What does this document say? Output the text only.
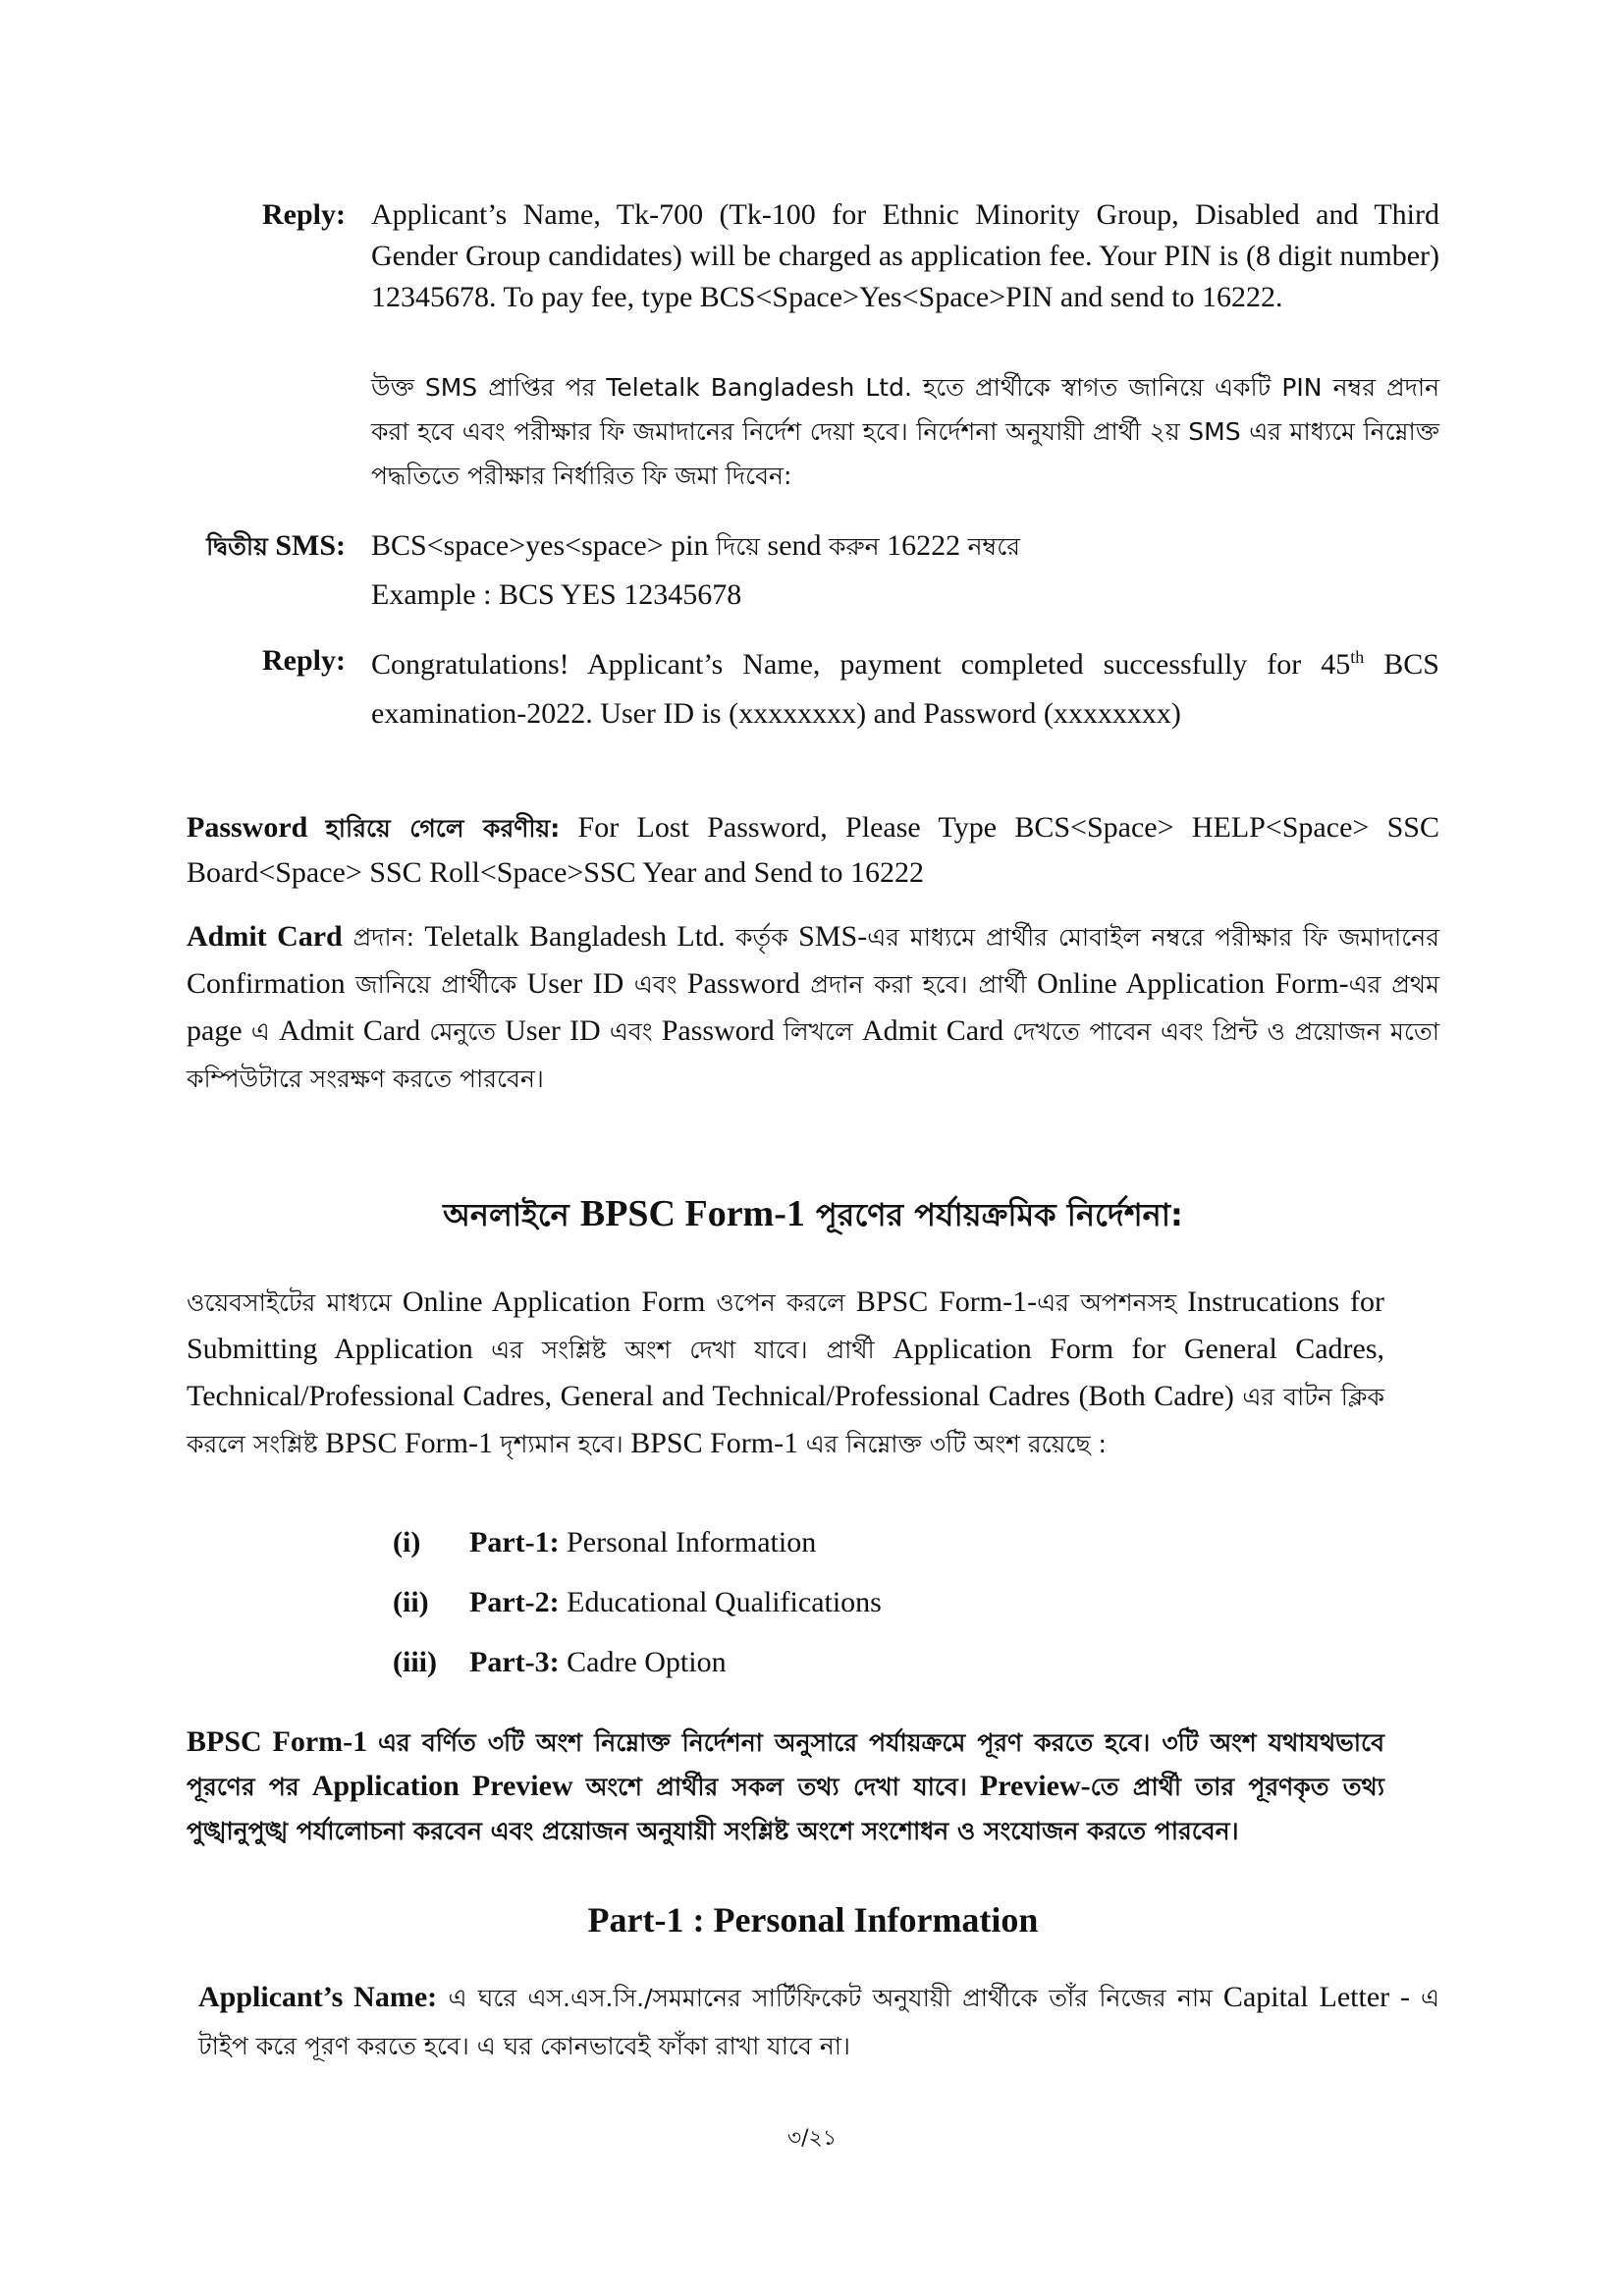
Reply: Applicant’s Name, Tk-700 (Tk-100 for Ethnic Minority Group, Disabled and Third Gender Group candidates) will be charged as application fee. Your PIN is (8 digit number) 12345678. To pay fee, type BCS<Space>Yes<Space>PIN and send to 16222.
উক্ত SMS প্রাপ্তির পর Teletalk Bangladesh Ltd. হতে প্রার্থীকে স্বাগত জানিয়ে একটি PIN নম্বর প্রদান করা হবে এবং পরীক্ষার ফি জমাদানের নির্দেশ দেয়া হবে। নির্দেশনা অনুযায়ী প্রার্থী ২য় SMS এর মাধ্যমে নিম্নোক্ত পদ্ধতিতে পরীক্ষার নির্ধারিত ফি জমা দিবেন:
দ্বিতীয় SMS: BCS<space>yes<space> pin দিয়ে send করুন 16222 নম্বরে
Example : BCS YES 12345678
Reply: Congratulations! Applicant’s Name, payment completed successfully for 45th BCS examination-2022. User ID is (xxxxxxxx) and Password (xxxxxxxx)
Password হারিয়ে গেলে করণীয়: For Lost Password, Please Type BCS<Space> HELP<Space> SSC Board<Space> SSC Roll<Space>SSC Year and Send to 16222
Admit Card প্রদান: Teletalk Bangladesh Ltd. কর্তৃক SMS-এর মাধ্যমে প্রার্থীর মোবাইল নম্বরে পরীক্ষার ফি জমাদানের Confirmation জানিয়ে প্রার্থীকে User ID এবং Password প্রদান করা হবে। প্রার্থী Online Application Form-এর প্রথম page এ Admit Card মেনুতে User ID এবং Password লিখলে Admit Card দেখতে পাবেন এবং প্রিন্ট ও প্রয়োজন মতো কম্পিউটারে সংরক্ষণ করতে পারবেন।
অনলাইনে BPSC Form-1 পূরণের পর্যায়ক্রমিক নির্দেশনা:
ওয়েবসাইটের মাধ্যমে Online Application Form ওপেন করলে BPSC Form-1-এর অপশনসহ Instrucations for Submitting Application এর সংশ্লিষ্ট অংশ দেখা যাবে। প্রার্থী Application Form for General Cadres, Technical/Professional Cadres, General and Technical/Professional Cadres (Both Cadre) এর বাটন ক্লিক করলে সংশ্লিষ্ট BPSC Form-1 দৃশ্যমান হবে। BPSC Form-1 এর নিম্নোক্ত ৩টি অংশ রয়েছে :
(i) Part-1: Personal Information
(ii) Part-2: Educational Qualifications
(iii) Part-3: Cadre Option
BPSC Form-1 এর বর্ণিত ৩টি অংশ নিম্নোক্ত নির্দেশনা অনুসারে পর্যায়ক্রমে পূরণ করতে হবে। ৩টি অংশ যথাযথভাবে পূরণের পর Application Preview অংশে প্রার্থীর সকল তথ্য দেখা যাবে। Preview-তে প্রার্থী তার পূরণকৃত তথ্য পুঙ্খানুপুঙ্খ পর্যালোচনা করবেন এবং প্রয়োজন অনুযায়ী সংশ্লিষ্ট অংশে সংশোধন ও সংযোজন করতে পারবেন।
Part-1 : Personal Information
Applicant’s Name: এ ঘরে এস.এস.সি./সমমানের সার্টিফিকেট অনুযায়ী প্রার্থীকে তাঁর নিজের নাম Capital Letter - এ টাইপ করে পূরণ করতে হবে। এ ঘর কোনভাবেই ফাঁকা রাখা যাবে না।
৩/২১
